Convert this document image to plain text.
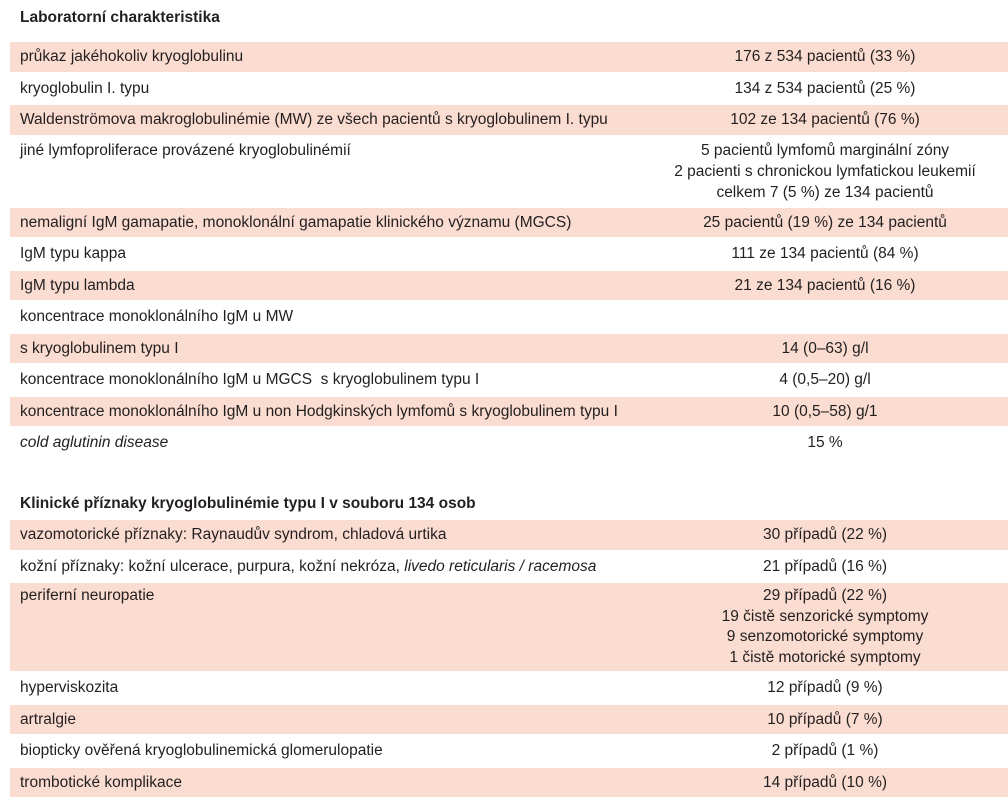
Laboratorní charakteristika
průkaz jakéhokoliv kryoglobulinu	176 z 534 pacientů (33 %)
kryoglobulin I. typu	134 z 534 pacientů (25 %)
Waldenströmova makroglobulinémie (MW) ze všech pacientů s kryoglobulinem I. typu	102 ze 134 pacientů (76 %)
jiné lymfoproliferace provázené kryoglobulinémií	5 pacientů lymfomů marginální zóny
2 pacienti s chronickou lymfatickou leukemií
celkem 7 (5 %) ze 134 pacientů

nemaligní IgM gamapatie, monoklonální gamapatie klinického významu (MGCS)	25 pacientů (19 %) ze 134 pacientů
IgM typu kappa	111 ze 134 pacientů (84 %)
IgM typu lambda	21 ze 134 pacientů (16 %)
koncentrace monoklonálního IgM u MW	
s kryoglobulinem typu I	14 (0–63) g/l
koncentrace monoklonálního IgM u MGCS  s kryoglobulinem typu I	4 (0,5–20) g/l
koncentrace monoklonálního IgM u non Hodgkinských lymfomů s kryoglobulinem typu I	10 (0,5–58) g/1
cold aglutinin disease	15 %
Klinické příznaky kryoglobulinémie typu I v souboru 134 osob
vazomotorické příznaky: Raynaudův syndrom, chladová urtika	30 případů (22 %)
kožní příznaky: kožní ulcerace, purpura, kožní nekróza, livedo reticularis / racemosa	21 případů (16 %)
periferní neuropatie	29 případů (22 %)
19 čistě senzorické symptomy
9 senzomotorické symptomy
1 čistě motorické symptomy

hyperviskozita	12 případů (9 %)
artralgie	10 případů (7 %)
biopticky ověřená kryoglobulinemická glomerulopatie	2 případů (1 %)
trombotické komplikace	14 případů (10 %)
